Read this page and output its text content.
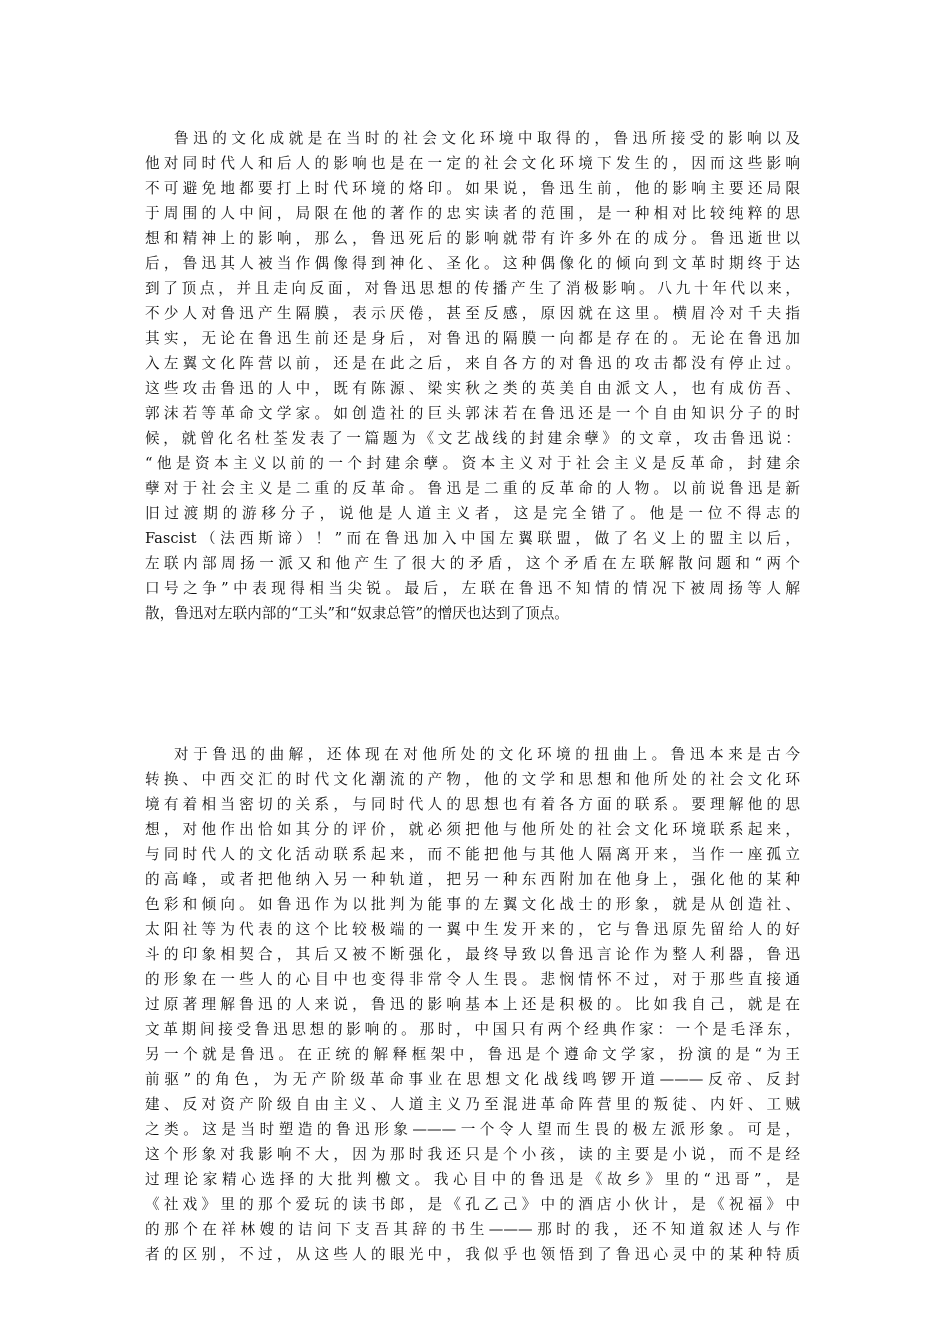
鲁迅的文化成就是在当时的社会文化环境中取得的，鲁迅所接受的影响以及
他对同时代人和后人的影响也是在一定的社会文化环境下发生的，因而这些影响
不可避免地都要打上时代环境的烙印。如果说，鲁迅生前，他的影响主要还局限
于周围的人中间，局限在他的著作的忠实读者的范围，是一种相对比较纯粹的思
想和精神上的影响，那么，鲁迅死后的影响就带有许多外在的成分。鲁迅逝世以
后，鲁迅其人被当作偶像得到神化、圣化。这种偶像化的倾向到文革时期终于达
到了顶点，并且走向反面，对鲁迅思想的传播产生了消极影响。八九十年代以来，
不少人对鲁迅产生隔膜，表示厌倦，甚至反感，原因就在这里。横眉冷对千夫指
其实，无论在鲁迅生前还是身后，对鲁迅的隔膜一向都是存在的。无论在鲁迅加
入左翼文化阵营以前，还是在此之后，来自各方的对鲁迅的攻击都没有停止过。
这些攻击鲁迅的人中，既有陈源、梁实秋之类的英美自由派文人，也有成仿吾、
郭沫若等革命文学家。如创造社的巨头郭沫若在鲁迅还是一个自由知识分子的时
候，就曾化名杜荃发表了一篇题为《文艺战线的封建余孽》的文章，攻击鲁迅说：
“他是资本主义以前的一个封建余孽。资本主义对于社会主义是反革命，封建余
孽对于社会主义是二重的反革命。鲁迅是二重的反革命的人物。以前说鲁迅是新
旧过渡期的游移分子，说他是人道主义者，这是完全错了。他是一位不得志的
Fascist（法西斯谛）！”而在鲁迅加入中国左翼联盟，做了名义上的盟主以后，
左联内部周扬一派又和他产生了很大的矛盾，这个矛盾在左联解散问题和“两个
口号之争”中表现得相当尖锐。最后，左联在鲁迅不知情的情况下被周扬等人解
散，鲁迅对左联内部的“工头”和“奴隶总管”的憎厌也达到了顶点。
对于鲁迅的曲解，还体现在对他所处的文化环境的扭曲上。鲁迅本来是古今
转换、中西交汇的时代文化潮流的产物，他的文学和思想和他所处的社会文化环
境有着相当密切的关系，与同时代人的思想也有着各方面的联系。要理解他的思
想，对他作出恰如其分的评价，就必须把他与他所处的社会文化环境联系起来，
与同时代人的文化活动联系起来，而不能把他与其他人隔离开来，当作一座孤立
的高峰，或者把他纳入另一种轨道，把另一种东西附加在他身上，强化他的某种
色彩和倾向。如鲁迅作为以批判为能事的左翼文化战士的形象，就是从创造社、
太阳社等为代表的这个比较极端的一翼中生发开来的，它与鲁迅原先留给人的好
斗的印象相契合，其后又被不断强化，最终导致以鲁迅言论作为整人利器，鲁迅
的形象在一些人的心目中也变得非常令人生畏。悲悯情怀不过，对于那些直接通
过原著理解鲁迅的人来说，鲁迅的影响基本上还是积极的。比如我自己，就是在
文革期间接受鲁迅思想的影响的。那时，中国只有两个经典作家：一个是毛泽东，
另一个就是鲁迅。在正统的解释框架中，鲁迅是个遵命文学家，扮演的是“为王
前驱”的角色，为无产阶级革命事业在思想文化战线鸣锣开道———反帝、反封
建、反对资产阶级自由主义、人道主义乃至混进革命阵营里的叛徒、内奸、工贼
之类。这是当时塑造的鲁迅形象———一个令人望而生畏的极左派形象。可是，
这个形象对我影响不大，因为那时我还只是个小孩，读的主要是小说，而不是经
过理论家精心选择的大批判檄文。我心目中的鲁迅是《故乡》里的“迅哥”，是
《社戏》里的那个爱玩的读书郎，是《孔乙己》中的酒店小伙计，是《祝福》中
的那个在祥林嫂的诘问下支吾其辞的书生———那时的我，还不知道叙述人与作
者的区别，不过，从这些人的眼光中，我似乎也领悟到了鲁迅心灵中的某种特质
